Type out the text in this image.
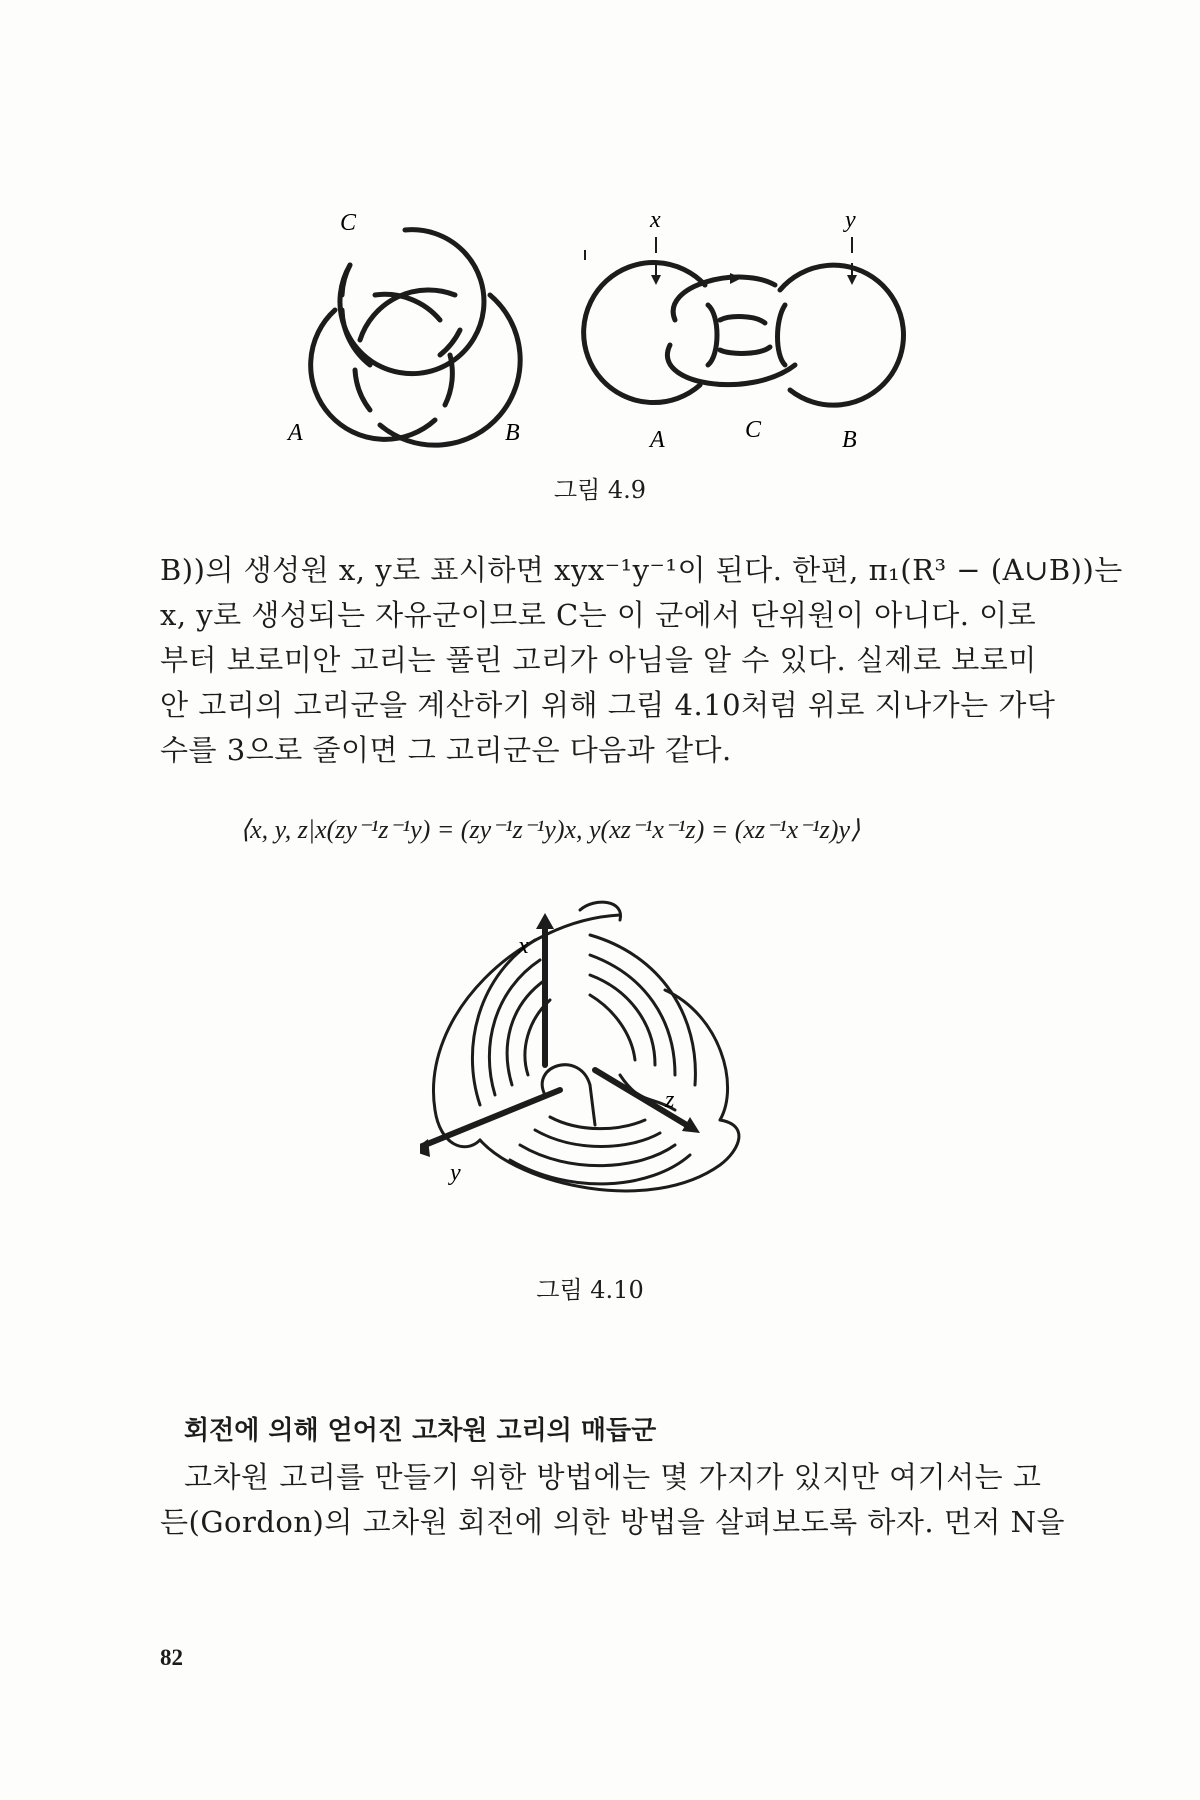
C
A	B
x	y
A	C	B
그림 4.9
B))의 생성원 x, y로 표시하면 xyx⁻¹y⁻¹이 된다. 한편, π₁(R³ − (A∪B))는
x, y로 생성되는 자유군이므로 C는 이 군에서 단위원이 아니다. 이로
부터 보로미안 고리는 풀린 고리가 아님을 알 수 있다. 실제로 보로미
안 고리의 고리군을 계산하기 위해 그림 4.10처럼 위로 지나가는 가닥
수를 3으로 줄이면 그 고리군은 다음과 같다.
⟨x, y, z|x(zy⁻¹z⁻¹y) = (zy⁻¹z⁻¹y)x, y(xz⁻¹x⁻¹z) = (xz⁻¹x⁻¹z)y⟩
x
y
z
그림 4.10
회전에 의해 얻어진 고차원 고리의 매듭군
고차원 고리를 만들기 위한 방법에는 몇 가지가 있지만 여기서는 고
든(Gordon)의 고차원 회전에 의한 방법을 살펴보도록 하자. 먼저 N을
82
